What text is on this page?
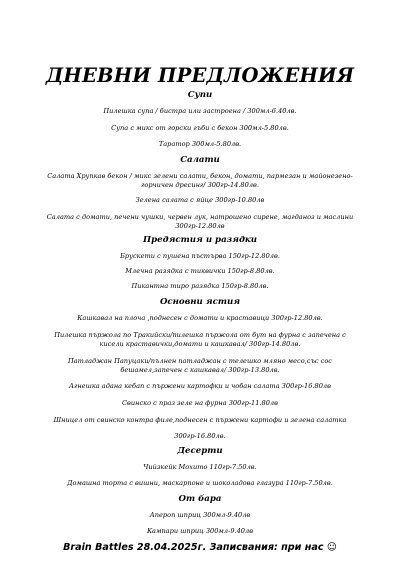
ДНЕВНИ ПРЕДЛОЖЕНИЯ
Супи
Пилешка супа / бистра или застроена / 300мл-6.40лв.
Супа с микс от горски гъби с бекон 300мл-5.80лв.
Таратор 300мл-5.80лв.
Салати
Салата Хрупкав бекон / микс зелени салати, бекон, домати, пармезан и майонезено-
горчичен дресинг/ 300гр-14.80лв.
Зелена салата с яйце 300гр-10.80лв
Салата с домати, печени чушки, червен лук, натрошено сирене, магданоз и маслини
300гр-12.80лв
Предястия и разядки
Брускети с пушена пъстърва 150гр-12.80лв.
Млечна разядка с тиквички 150гр-8.80лв.
Пикантна тиро разядка 150гр-8.80лв.
Основни ястия
Кашкавал на плоча ,поднесен с домати и краставици 300гр-12.80лв.
Пилешка пържола по Тракийски/пилешка пържола от бут на фурна с запечена с
кисели краставички,домати и кашкавал/ 300гр-14.80лв.
Патладжан Папуцаки/пълнен патладжан с телешко мляно месо,със сос
бешамел,запечен с кашкавал/ 300гр-13.80лв.
Агнешка адана кебап с пържени картофки и чобан салата 300гр-16.80лв
Свинско с праз зеле на фурна 300гр-11.80лв
Шницел от свинско контра филе,поднесен с пържени картофи и зелена салатка
300гр-16.80лв.
Десерти
Чийзкейк Мохито 110гр-7.50лв.
Домашна торта с вишни, маскарпоне и шоколадова глазура 110гр-7.50лв.
От бара
Апероп шприц 300мл-9.40лв
Кампари шприц 300мл-9.40лв
Brain Battles 28.04.2025г. Записвания: при нас ☺
